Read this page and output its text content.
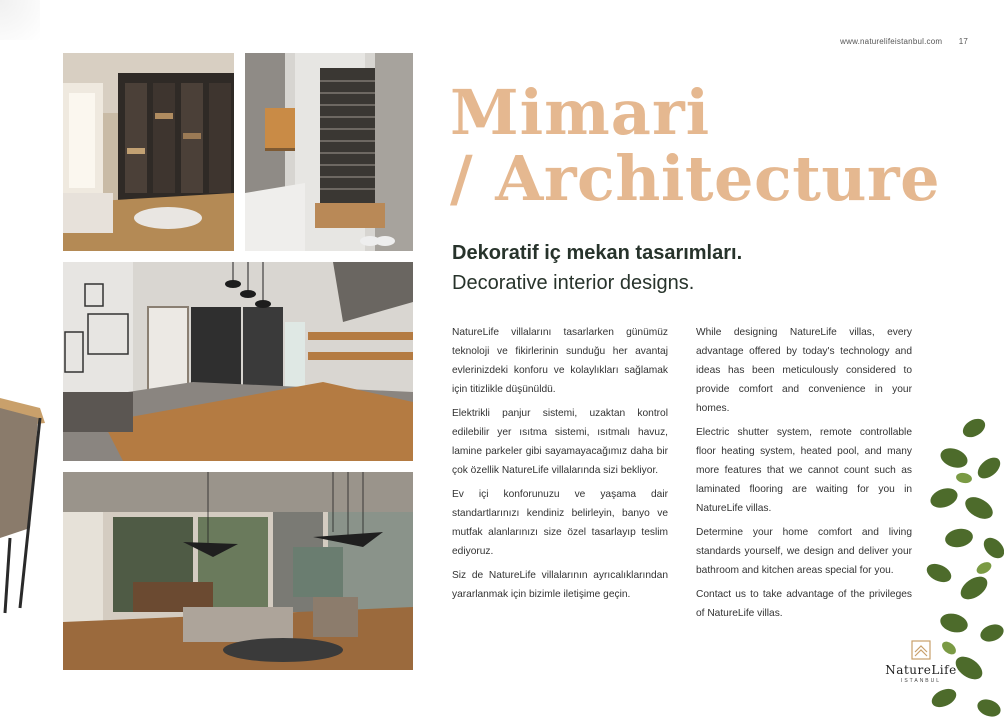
www.naturelifeistanbul.com 17
Mimari
/ Architecture
Dekoratif iç mekan tasarımları.
Decorative interior designs.

NatureLife villalarını tasarlarken günümüz teknoloji ve fikirlerinin sunduğu her avantaj evlerinizdeki konforu ve kolaylıkları sağlamak için titizlikle düşünüldü.

Elektrikli panjur sistemi, uzaktan kontrol edilebilir yer ısıtma sistemi, ısıtmalı havuz, lamine parkeler gibi sayamayacağımız daha bir çok özellik NatureLife villalarında sizi bekliyor.

Ev içi konforunuzu ve yaşama dair standartlarınızı kendiniz belirleyin, banyo ve mutfak alanlarınızı size özel tasarlayıp teslim ediyoruz.

Siz de NatureLife villalarının ayrıcalıklarından yararlanmak için bizimle iletişime geçin.

While designing NatureLife villas, every advantage offered by today's technology and ideas has been meticulously considered to provide comfort and convenience in your homes.

Electric shutter system, remote controllable floor heating system, heated pool, and many more features that we cannot count such as laminated flooring are waiting for you in NatureLife villas.

Determine your home comfort and living standards yourself, we design and deliver your bathroom and kitchen areas special for you.

Contact us to take advantage of the privileges of NatureLife villas.

NatureLife
ISTANBUL
